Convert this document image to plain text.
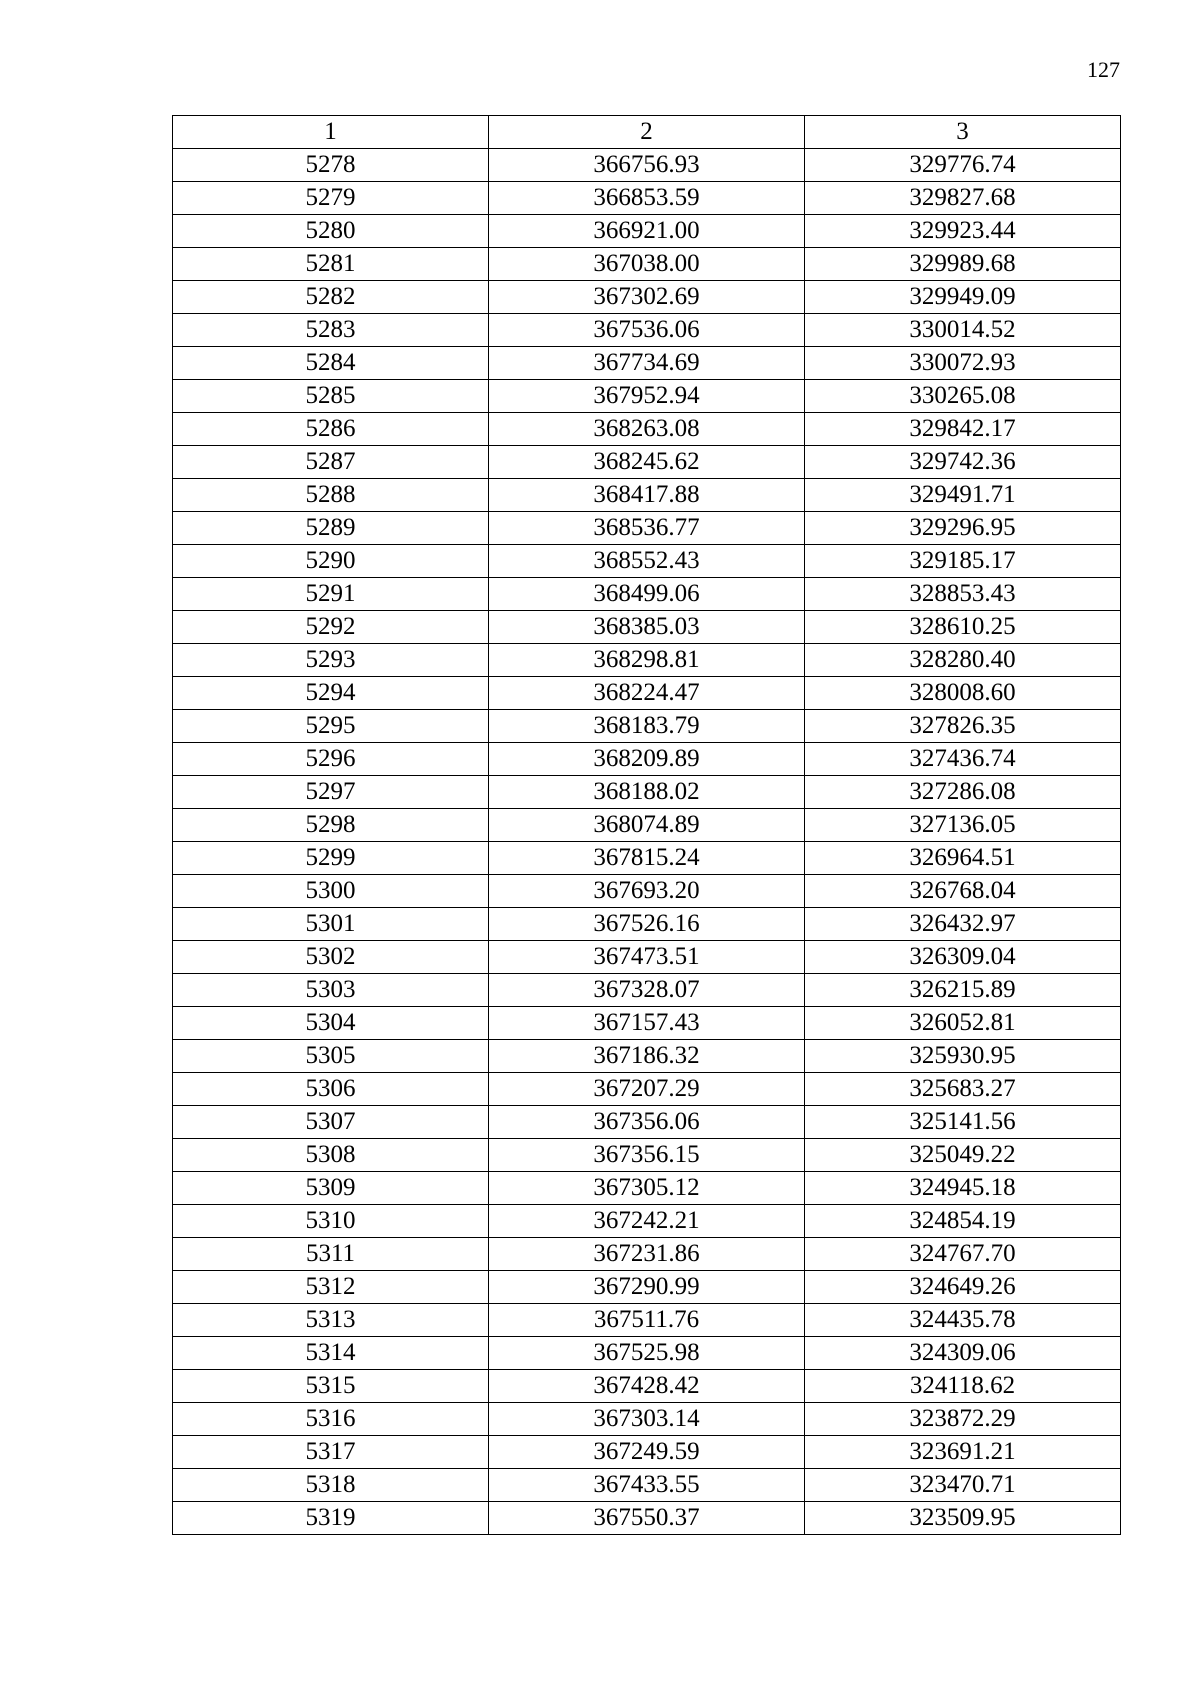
127
1	2	3
5278	366756.93	329776.74
5279	366853.59	329827.68
5280	366921.00	329923.44
5281	367038.00	329989.68
5282	367302.69	329949.09
5283	367536.06	330014.52
5284	367734.69	330072.93
5285	367952.94	330265.08
5286	368263.08	329842.17
5287	368245.62	329742.36
5288	368417.88	329491.71
5289	368536.77	329296.95
5290	368552.43	329185.17
5291	368499.06	328853.43
5292	368385.03	328610.25
5293	368298.81	328280.40
5294	368224.47	328008.60
5295	368183.79	327826.35
5296	368209.89	327436.74
5297	368188.02	327286.08
5298	368074.89	327136.05
5299	367815.24	326964.51
5300	367693.20	326768.04
5301	367526.16	326432.97
5302	367473.51	326309.04
5303	367328.07	326215.89
5304	367157.43	326052.81
5305	367186.32	325930.95
5306	367207.29	325683.27
5307	367356.06	325141.56
5308	367356.15	325049.22
5309	367305.12	324945.18
5310	367242.21	324854.19
5311	367231.86	324767.70
5312	367290.99	324649.26
5313	367511.76	324435.78
5314	367525.98	324309.06
5315	367428.42	324118.62
5316	367303.14	323872.29
5317	367249.59	323691.21
5318	367433.55	323470.71
5319	367550.37	323509.95
